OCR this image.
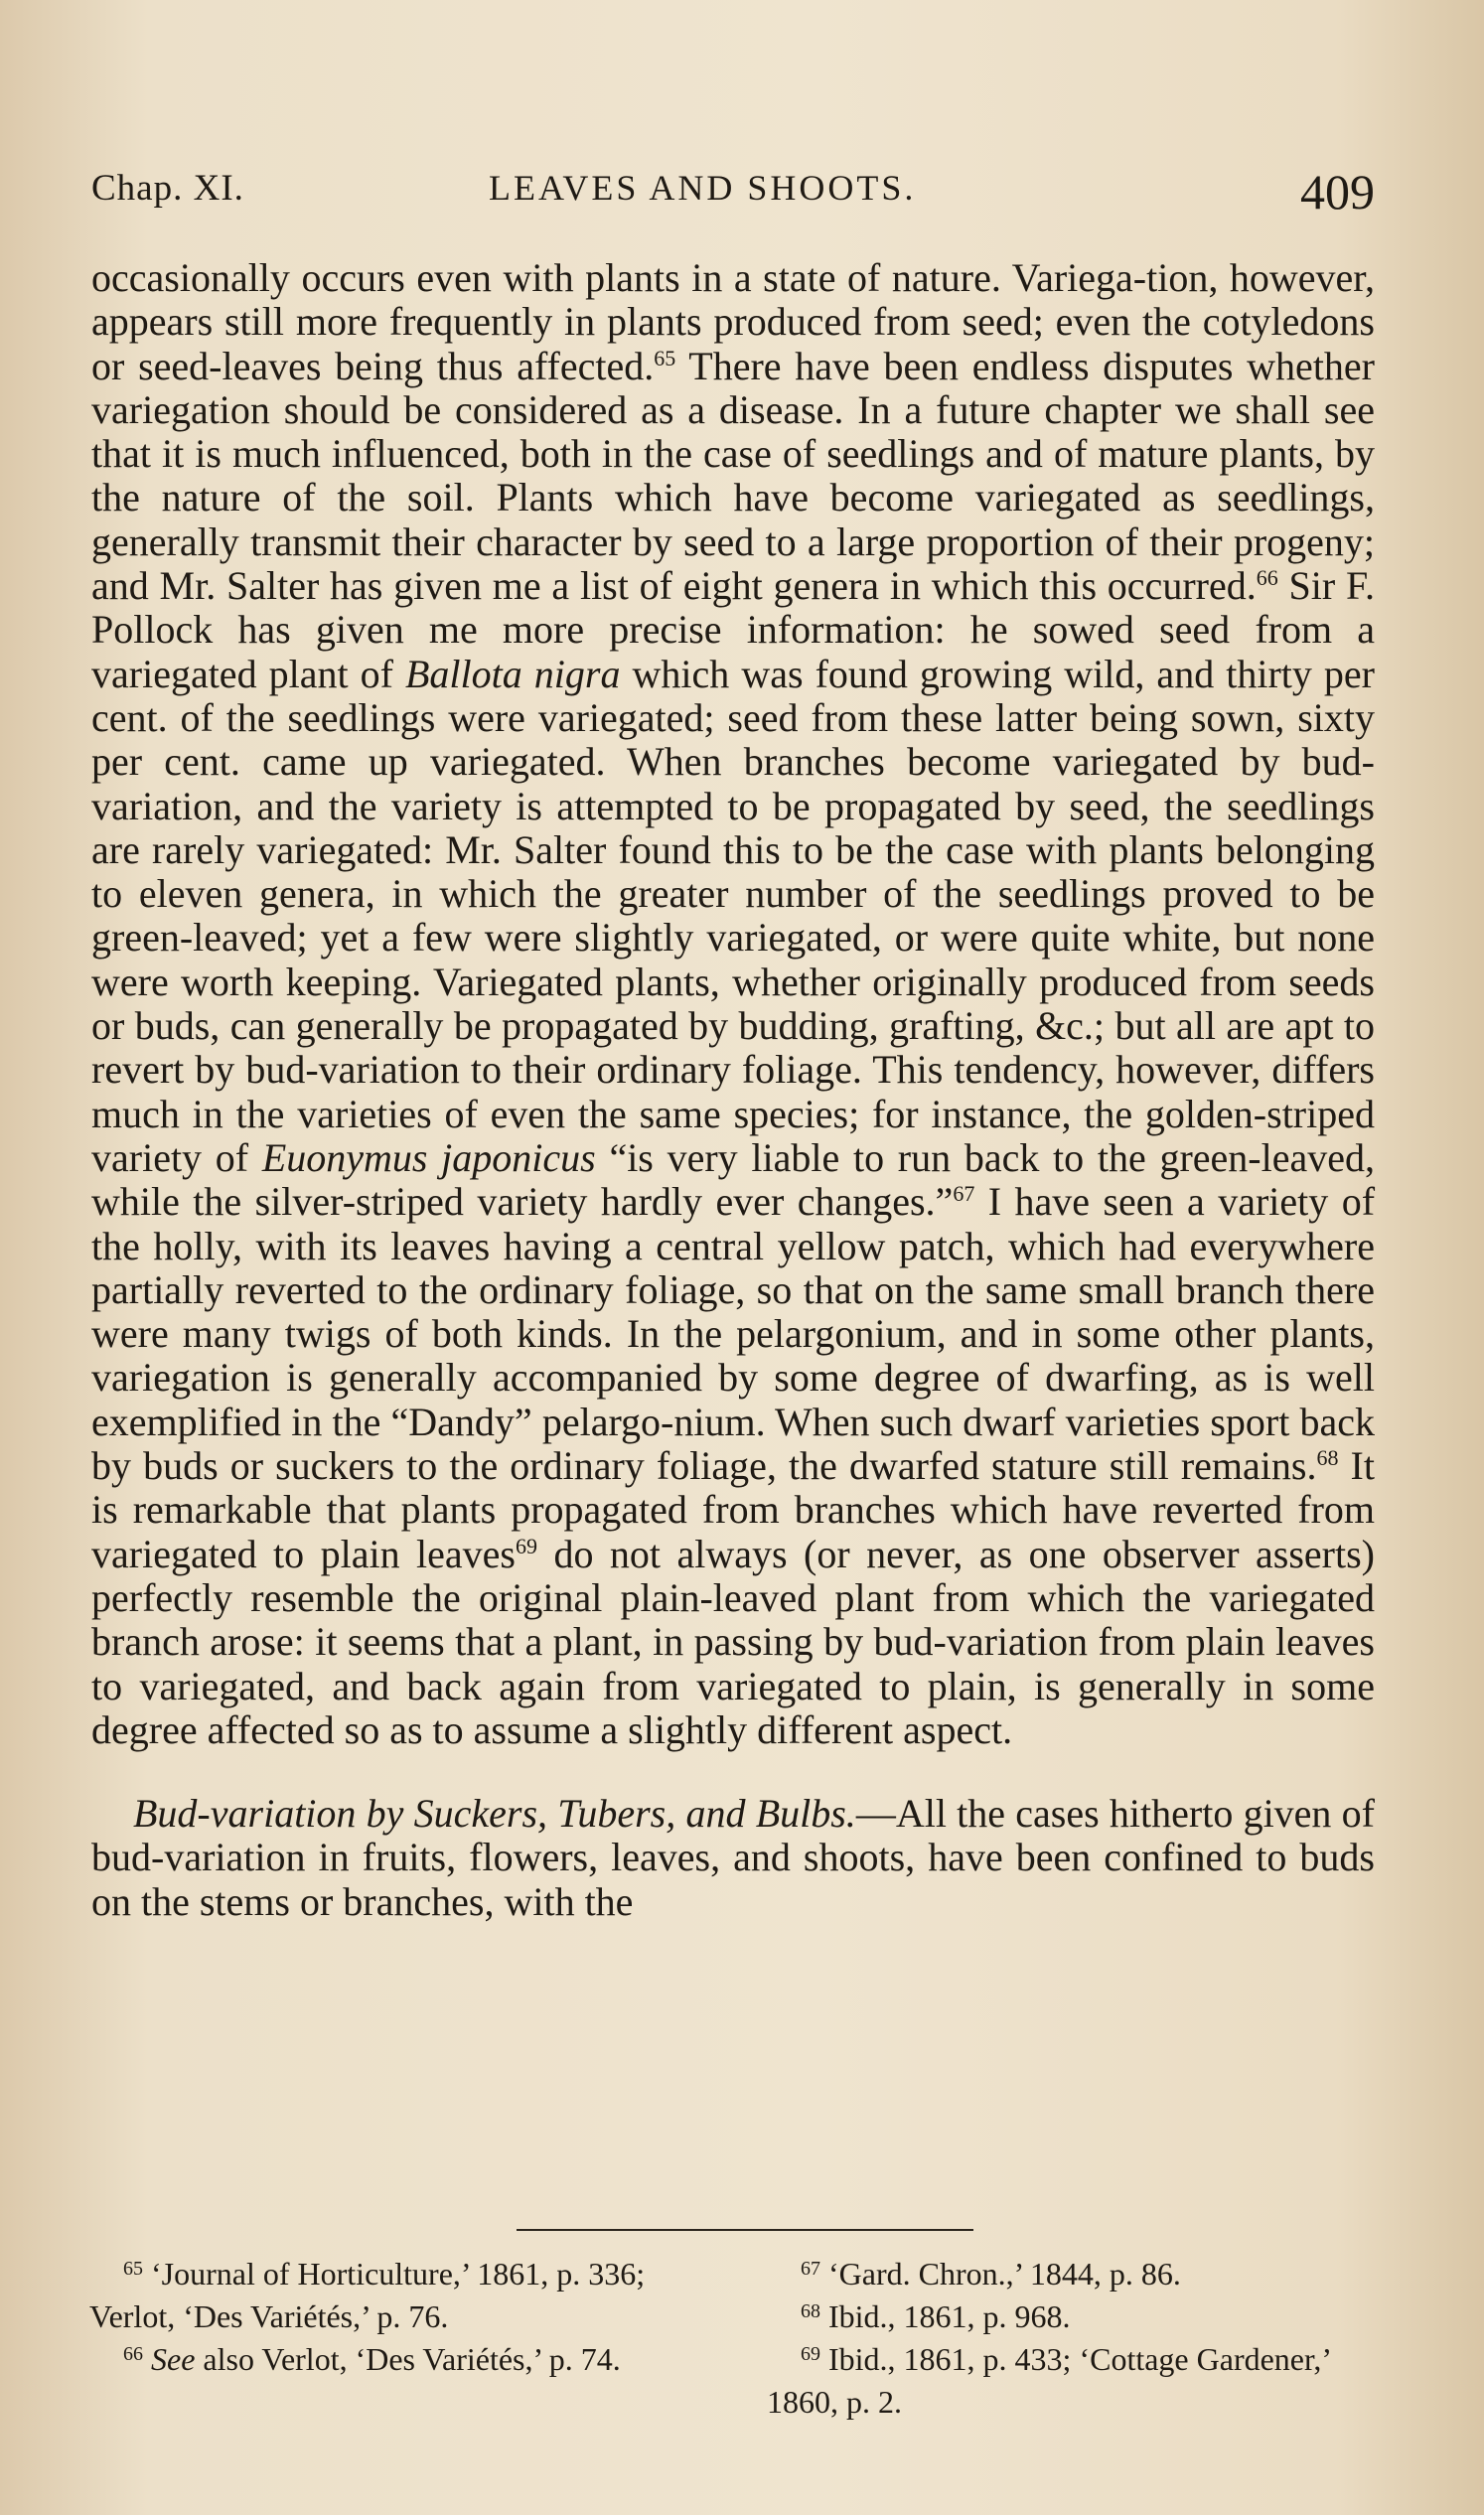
Chap. XI.	LEAVES AND SHOOTS.	409

occasionally occurs even with plants in a state of nature. Variega-tion, however, appears still more frequently in plants produced from seed; even the cotyledons or seed-leaves being thus affected.$^{65}$ There have been endless disputes whether variegation should be considered as a disease. In a future chapter we shall see that it is much influenced, both in the case of seedlings and of mature plants, by the nature of the soil. Plants which have become variegated as seedlings, generally transmit their character by seed to a large proportion of their progeny; and Mr. Salter has given me a list of eight genera in which this occurred.$^{66}$ Sir F. Pollock has given me more precise information: he sowed seed from a variegated plant of Ballota nigra which was found growing wild, and thirty per cent. of the seedlings were variegated; seed from these latter being sown, sixty per cent. came up variegated. When branches become variegated by bud-variation, and the variety is attempted to be propagated by seed, the seedlings are rarely variegated: Mr. Salter found this to be the case with plants belonging to eleven genera, in which the greater number of the seedlings proved to be green-leaved; yet a few were slightly variegated, or were quite white, but none were worth keeping. Variegated plants, whether originally produced from seeds or buds, can generally be propagated by budding, grafting, &c.; but all are apt to revert by bud-variation to their ordinary foliage. This tendency, however, differs much in the varieties of even the same species; for instance, the golden-striped variety of Euonymus japonicus “is very liable to run back to the green-leaved, while the silver-striped variety hardly ever changes.”$^{67}$ I have seen a variety of the holly, with its leaves having a central yellow patch, which had everywhere partially reverted to the ordinary foliage, so that on the same small branch there were many twigs of both kinds. In the pelargonium, and in some other plants, variegation is generally accompanied by some degree of dwarfing, as is well exemplified in the “Dandy” pelargo-nium. When such dwarf varieties sport back by buds or suckers to the ordinary foliage, the dwarfed stature still remains.$^{68}$ It is remarkable that plants propagated from branches which have reverted from variegated to plain leaves$^{69}$ do not always (or never, as one observer asserts) perfectly resemble the original plain-leaved plant from which the variegated branch arose: it seems that a plant, in passing by bud-variation from plain leaves to variegated, and back again from variegated to plain, is generally in some degree affected so as to assume a slightly different aspect.

Bud-variation by Suckers, Tubers, and Bulbs.—All the cases hitherto given of bud-variation in fruits, flowers, leaves, and shoots, have been confined to buds on the stems or branches, with the

$^{65}$ ‘Journal of Horticulture,’ 1861, p. 336; Verlot, ‘Des Variétés,’ p. 76.

$^{66}$ See also Verlot, ‘Des Variétés,’ p. 74.

$^{67}$ ‘Gard. Chron.,’ 1844, p. 86.

$^{68}$ Ibid., 1861, p. 968.

$^{69}$ Ibid., 1861, p. 433; ‘Cottage Gardener,’ 1860, p. 2.
